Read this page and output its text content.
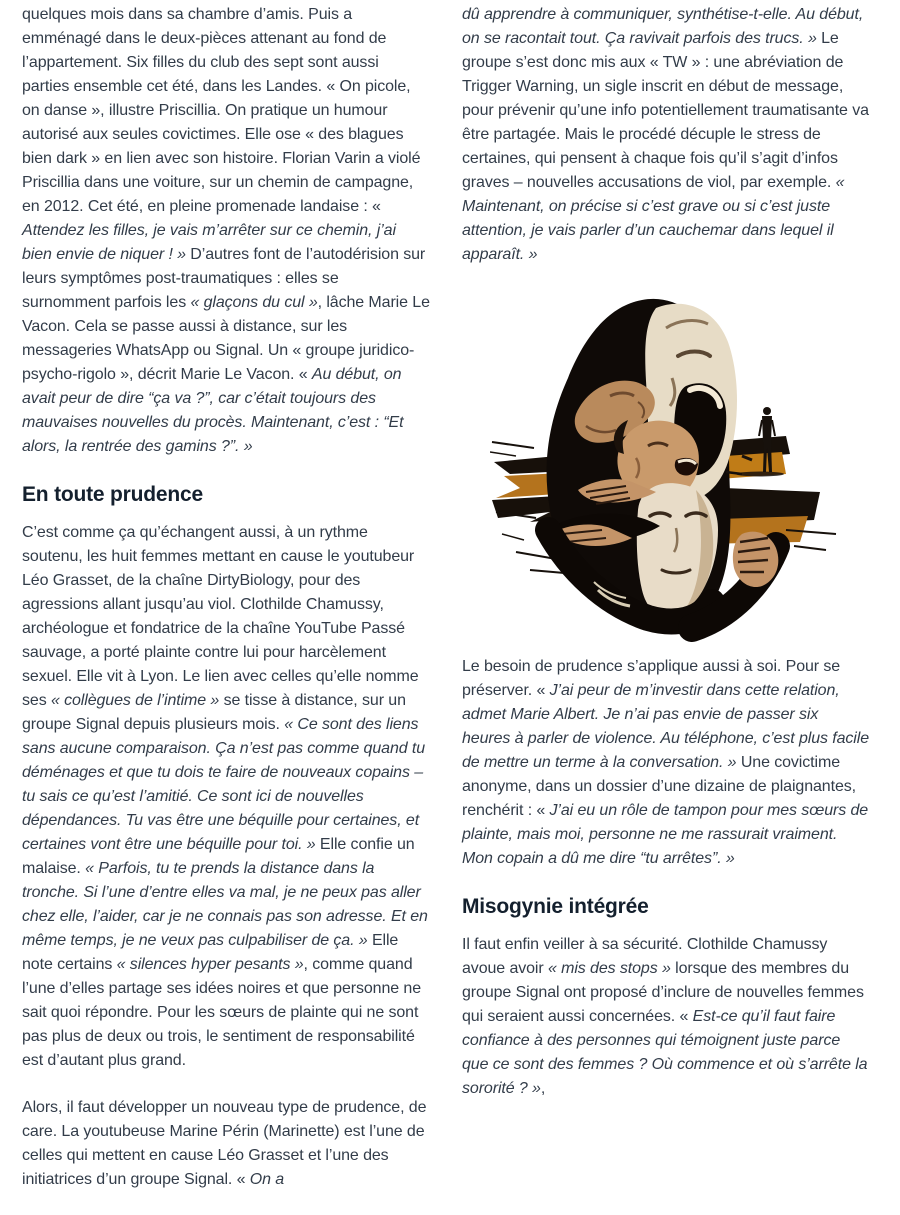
quelques mois dans sa chambre d’amis. Puis a emménagé dans le deux-pièces attenant au fond de l’appartement. Six filles du club des sept sont aussi parties ensemble cet été, dans les Landes. « On picole, on danse », illustre Priscillia. On pratique un humour autorisé aux seules covictimes. Elle ose « des blagues bien dark » en lien avec son histoire. Florian Varin a violé Priscillia dans une voiture, sur un chemin de campagne, en 2012. Cet été, en pleine promenade landaise : « Attendez les filles, je vais m’arrêter sur ce chemin, j’ai bien envie de niquer ! » D’autres font de l’autodérision sur leurs symptômes post-traumatiques : elles se surnomment parfois les « glaçons du cul », lâche Marie Le Vacon. Cela se passe aussi à distance, sur les messageries WhatsApp ou Signal. Un « groupe juridico-psycho-rigolo », décrit Marie Le Vacon. « Au début, on avait peur de dire “ça va ?”, car c’était toujours des mauvaises nouvelles du procès. Maintenant, c’est : “Et alors, la rentrée des gamins ?”. »

En toute prudence

C’est comme ça qu’échangent aussi, à un rythme soutenu, les huit femmes mettant en cause le youtubeur Léo Grasset, de la chaîne DirtyBiology, pour des agressions allant jusqu’au viol. Clothilde Chamussy, archéologue et fondatrice de la chaîne YouTube Passé sauvage, a porté plainte contre lui pour harcèlement sexuel. Elle vit à Lyon. Le lien avec celles qu’elle nomme ses « collègues de l’intime » se tisse à distance, sur un groupe Signal depuis plusieurs mois. « Ce sont des liens sans aucune comparaison. Ça n’est pas comme quand tu déménages et que tu dois te faire de nouveaux copains – tu sais ce qu’est l’amitié. Ce sont ici de nouvelles dépendances. Tu vas être une béquille pour certaines, et certaines vont être une béquille pour toi. » Elle confie un malaise. « Parfois, tu te prends la distance dans la tronche. Si l’une d’entre elles va mal, je ne peux pas aller chez elle, l’aider, car je ne connais pas son adresse. Et en même temps, je ne veux pas culpabiliser de ça. » Elle note certains « silences hyper pesants », comme quand l’une d’elles partage ses idées noires et que personne ne sait quoi répondre. Pour les sœurs de plainte qui ne sont pas plus de deux ou trois, le sentiment de responsabilité est d’autant plus grand.

Alors, il faut développer un nouveau type de prudence, de care. La youtubeuse Marine Périn (Marinette) est l’une de celles qui mettent en cause Léo Grasset et l’une des initiatrices d’un groupe Signal. « On a

dû apprendre à communiquer, synthétise-t-elle. Au début, on se racontait tout. Ça ravivait parfois des trucs. » Le groupe s’est donc mis aux « TW » : une abréviation de Trigger Warning, un sigle inscrit en début de message, pour prévenir qu’une info potentiellement traumatisante va être partagée. Mais le procédé décuple le stress de certaines, qui pensent à chaque fois qu’il s’agit d’infos graves – nouvelles accusations de viol, par exemple. « Maintenant, on précise si c’est grave ou si c’est juste attention, je vais parler d’un cauchemar dans lequel il apparaît. »

Le besoin de prudence s’applique aussi à soi. Pour se préserver. « J’ai peur de m’investir dans cette relation, admet Marie Albert. Je n’ai pas envie de passer six heures à parler de violence. Au téléphone, c’est plus facile de mettre un terme à la conversation. » Une covictime anonyme, dans un dossier d’une dizaine de plaignantes, renchérit : « J’ai eu un rôle de tampon pour mes sœurs de plainte, mais moi, personne ne me rassurait vraiment. Mon copain a dû me dire “tu arrêtes”. »

Misogynie intégrée

Il faut enfin veiller à sa sécurité. Clothilde Chamussy avoue avoir « mis des stops » lorsque des membres du groupe Signal ont proposé d’inclure de nouvelles femmes qui seraient aussi concernées. « Est-ce qu’il faut faire confiance à des personnes qui témoignent juste parce que ce sont des femmes ? Où commence et où s’arrête la sororité ? »,
